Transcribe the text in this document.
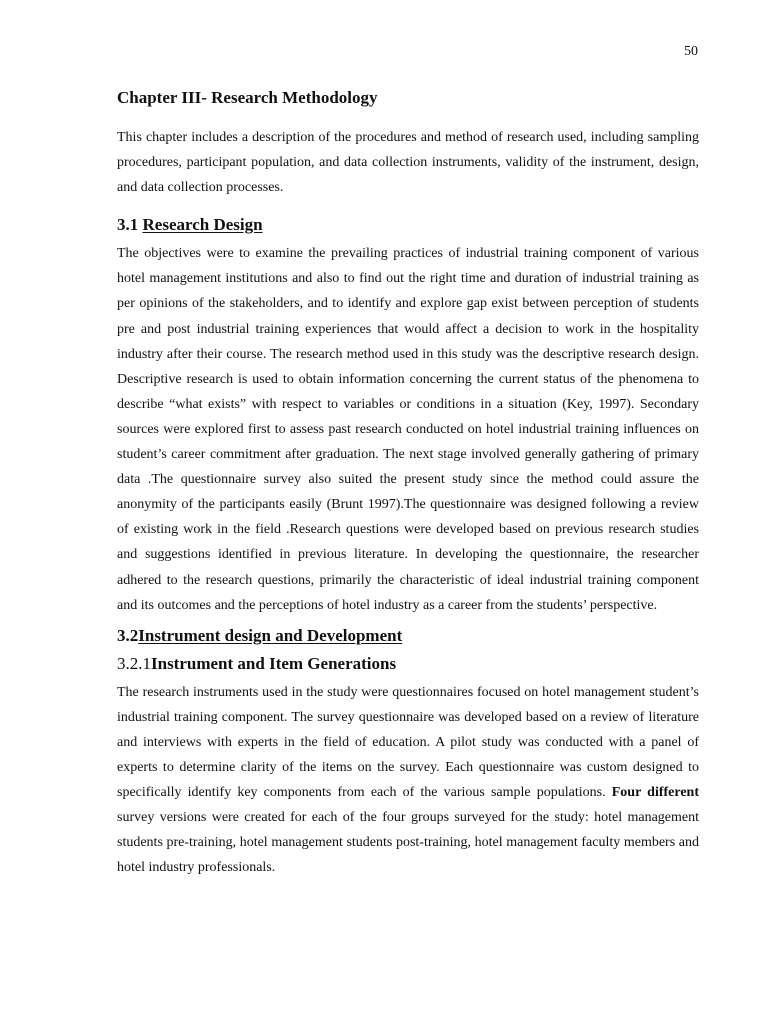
50
Chapter III- Research Methodology

This chapter includes a description of the procedures and method of research used, including sampling procedures, participant population, and data collection instruments, validity of the instrument, design, and data collection processes.

3.1 Research Design

The objectives were to examine the prevailing practices of industrial training component of various hotel management institutions and also to find out the right time and duration of industrial training as per opinions of the stakeholders, and to identify and explore gap exist between perception of students pre and post industrial training experiences that would affect a decision to work in the hospitality industry after their course. The research method used in this study was the descriptive research design. Descriptive research is used to obtain information concerning the current status of the phenomena to describe “what exists” with respect to variables or conditions in a situation (Key, 1997). Secondary sources were explored first to assess past research conducted on hotel industrial training influences on student’s career commitment after graduation. The next stage involved generally gathering of primary data .The questionnaire survey also suited the present study since the method could assure the anonymity of the participants easily (Brunt 1997).The questionnaire was designed following a review of existing work in the field .Research questions were developed based on previous research studies and suggestions identified in previous literature. In developing the questionnaire, the researcher adhered to the research questions, primarily the characteristic of ideal industrial training component and its outcomes and the perceptions of hotel industry as a career from the students’ perspective.

3.2Instrument design and Development
3.2.1Instrument and Item Generations

The research instruments used in the study were questionnaires focused on hotel management student’s industrial training component. The survey questionnaire was developed based on a review of literature and interviews with experts in the field of education. A pilot study was conducted with a panel of experts to determine clarity of the items on the survey. Each questionnaire was custom designed to specifically identify key components from each of the various sample populations. Four different survey versions were created for each of the four groups surveyed for the study: hotel management students pre-training, hotel management students post-training, hotel management faculty members and hotel industry professionals.
